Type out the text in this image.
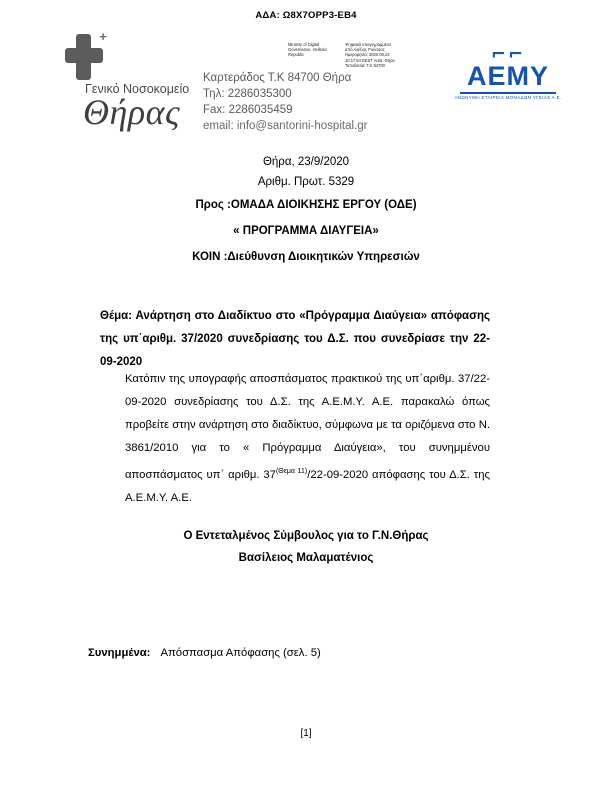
ΑΔΑ: Ω8Χ7ΟΡΡ3-ΕΒ4
+
Γενικό Νοσοκομείο
Θήρας
Καρτεράδος Τ.Κ 84700 Θήρα
Τηλ: 2286035300
Fax: 2286035459
email: info@santorini-hospital.gr
Ministry of Digital Governance, Hellenic Republic
Ψηφιακά υπογεγραμμένο από Αλέξιος Ρούσσος Ημερομηνία: 2020.09.23 10:17:54 EEST Αιτία: Θήρα Τοποθεσία: Τ.Κ 84700
⌐⌐
ΑΕΜΥ
ΑΝΩΝΥΜΗ ΕΤΑΙΡΕΙΑ ΜΟΝΑΔΩΝ ΥΓΕΙΑΣ Α.Ε.
Θήρα, 23/9/2020
Αριθμ. Πρωτ. 5329
Προς :ΟΜΑΔΑ ΔΙΟΙΚΗΣΗΣ ΕΡΓΟΥ (ΟΔΕ)
« ΠΡΟΓΡΑΜΜΑ ΔΙΑΥΓΕΙΑ»
ΚΟΙΝ :Διεύθυνση Διοικητικών Υπηρεσιών
Θέμα: Ανάρτηση στο Διαδίκτυο στο «Πρόγραμμα Διαύγεια» απόφασης της υπ΄αριθμ. 37/2020 συνεδρίασης του Δ.Σ. που συνεδρίασε την 22-09-2020
Κατόπιν της υπογραφής αποσπάσματος πρακτικού της υπ΄αριθμ. 37/22-09-2020 συνεδρίασης του Δ.Σ. της Α.Ε.Μ.Υ. Α.Ε. παρακαλώ όπως προβείτε στην ανάρτηση στο διαδίκτυο, σύμφωνα με τα οριζόμενα στο Ν. 3861/2010 για το « Πρόγραμμα Διαύγεια», του συνημμένου αποσπάσματος υπ΄ αριθμ. $37^{(\Theta\varepsilon\mu\alpha 11)}/22-09-2020$ απόφασης του Δ.Σ. της Α.Ε.Μ.Υ. Α.Ε.
Ο Εντεταλμένος Σύμβουλος για το Γ.Ν.Θήρας
Βασίλειος Μαλαματένιος
Συνημμένα: Απόσπασμα Απόφασης (σελ. 5)
[1]
